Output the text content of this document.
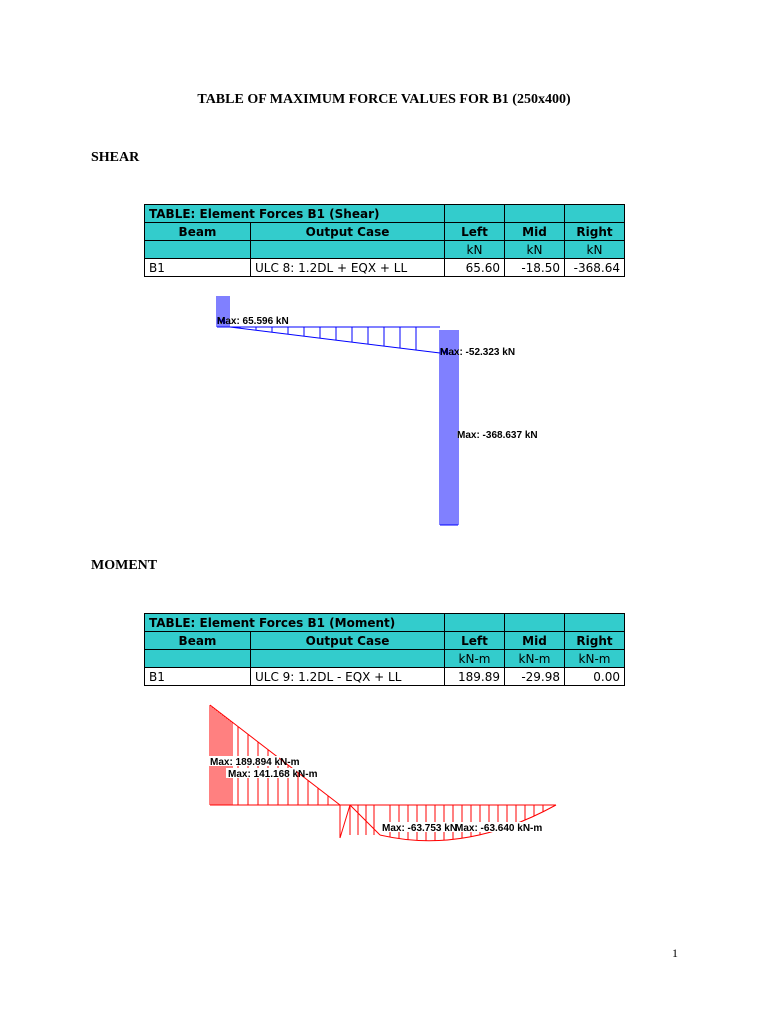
TABLE OF MAXIMUM FORCE VALUES FOR B1 (250x400)
SHEAR
TABLE: Element Forces B1 (Shear)				
Beam	Output Case	Left	Mid	Right
		kN	kN	kN
B1	ULC 8: 1.2DL + EQX + LL	65.60	-18.50	-368.64
Max: 65.596 kN
Max: -52.323 kN
Max: -368.637 kN
MOMENT
TABLE: Element Forces B1 (Moment)				
Beam	Output Case	Left	Mid	Right
		kN-m	kN-m	kN-m
B1	ULC 9: 1.2DL - EQX + LL	189.89	-29.98	0.00
Max: 189.894 kN-m
Max: 141.168 kN-m
Max: -63.753 kN
Max: -63.640 kN-m
1
